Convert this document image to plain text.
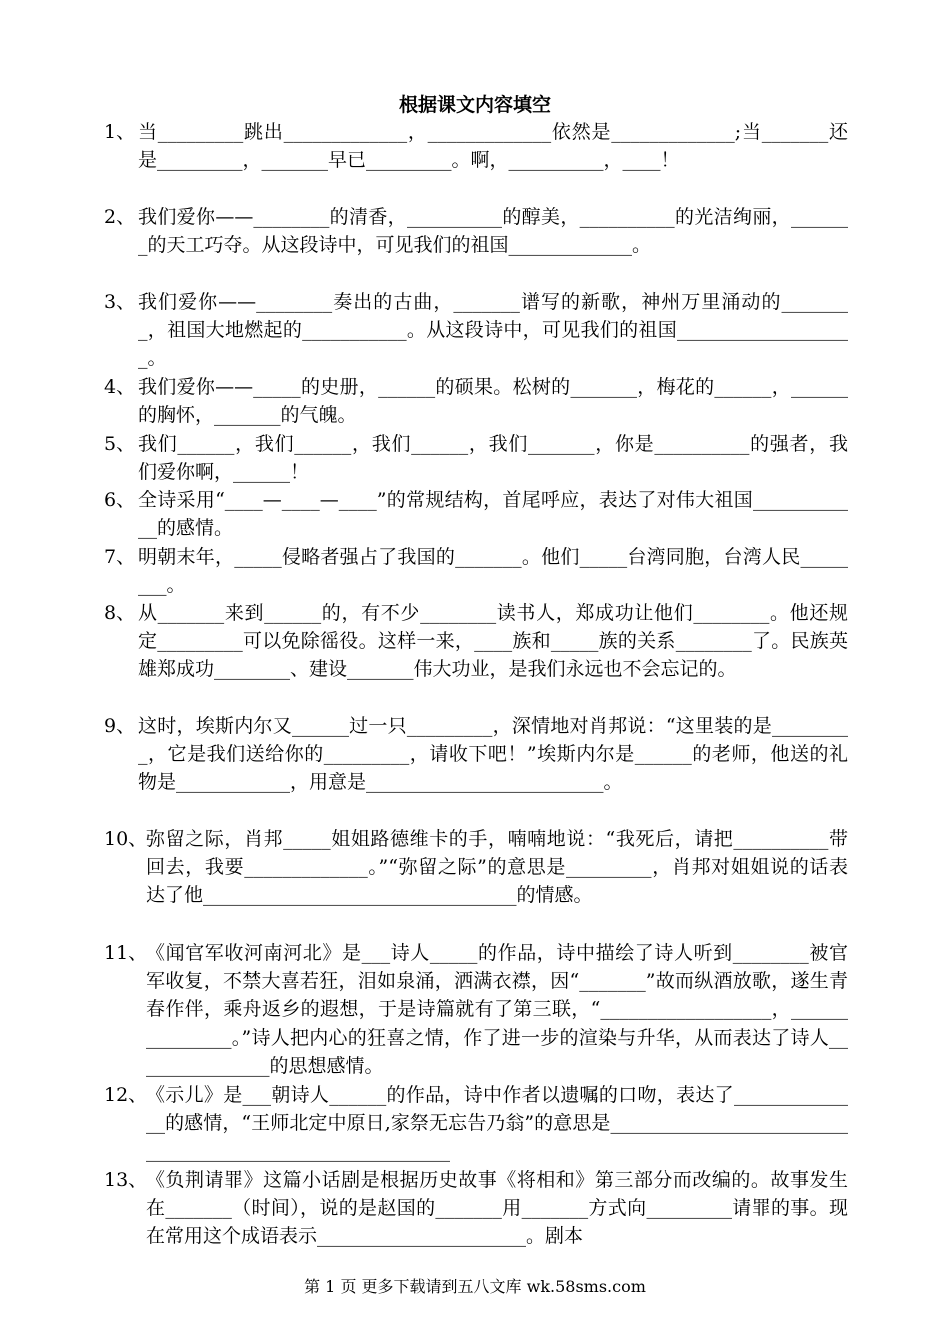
根据课文内容填空
1、 当_________跳出_____________，_____________依然是_____________;当_______还是_________，_______早已_________。啊，__________，____！
2、 我们爱你——________的清香，__________的醇美，__________的光洁绚丽，_______的天工巧夺。从这段诗中，可见我们的祖国_____________。
3、 我们爱你——________奏出的古曲，_______谱写的新歌，神州万里涌动的________，祖国大地燃起的___________。从这段诗中，可见我们的祖国___________________。
4、 我们爱你——_____的史册，______的硕果。松树的_______，梅花的______，______的胸怀，_______的气魄。
5、 我们______，我们______，我们______，我们_______，你是__________的强者，我们爱你啊，______！
6、 全诗采用“____—____—____”的常规结构，首尾呼应，表达了对伟大祖国____________的感情。
7、 明朝末年，_____侵略者强占了我国的_______。他们_____台湾同胞，台湾人民________。
8、 从_______来到______的，有不少________读书人，郑成功让他们________。他还规定_________可以免除徭役。这样一来，____族和_____族的关系________了。民族英雄郑成功________、建设_______伟大功业，是我们永远也不会忘记的。
9、 这时，埃斯内尔又______过一只_________，深情地对肖邦说：“这里装的是_________，它是我们送给你的_________，请收下吧！”埃斯内尔是______的老师，他送的礼物是____________，用意是_________________________。
10、
弥留之际，肖邦_____姐姐路德维卡的手，喃喃地说：“我死后，请把__________带回去，我要_____________。”“弥留之际”的意思是_________，肖邦对姐姐说的话表达了他_________________________________的情感。
11、
《闻官军收河南河北》是___诗人_____的作品，诗中描绘了诗人听到________被官军收复，不禁大喜若狂，泪如泉涌，洒满衣襟，因“_______”故而纵酒放歌，遂生青春作伴，乘舟返乡的遐想，于是诗篇就有了第三联，“__________________，_______________。”诗人把内心的狂喜之情，作了进一步的渲染与升华，从而表达了诗人_______________的思想感情。
12、
《示儿》是___朝诗人______的作品，诗中作者以遗嘱的口吻，表达了______________的感情，“王师北定中原日,家祭无忘告乃翁”的意思是_________________________________________________________
13、
《负荆请罪》这篇小话剧是根据历史故事《将相和》第三部分而改编的。故事发生在_______（时间），说的是赵国的_______用_______方式向_________请罪的事。现在常用这个成语表示______________________。剧本
第 1 页 更多下载请到五八文库 wk.58sms.com
